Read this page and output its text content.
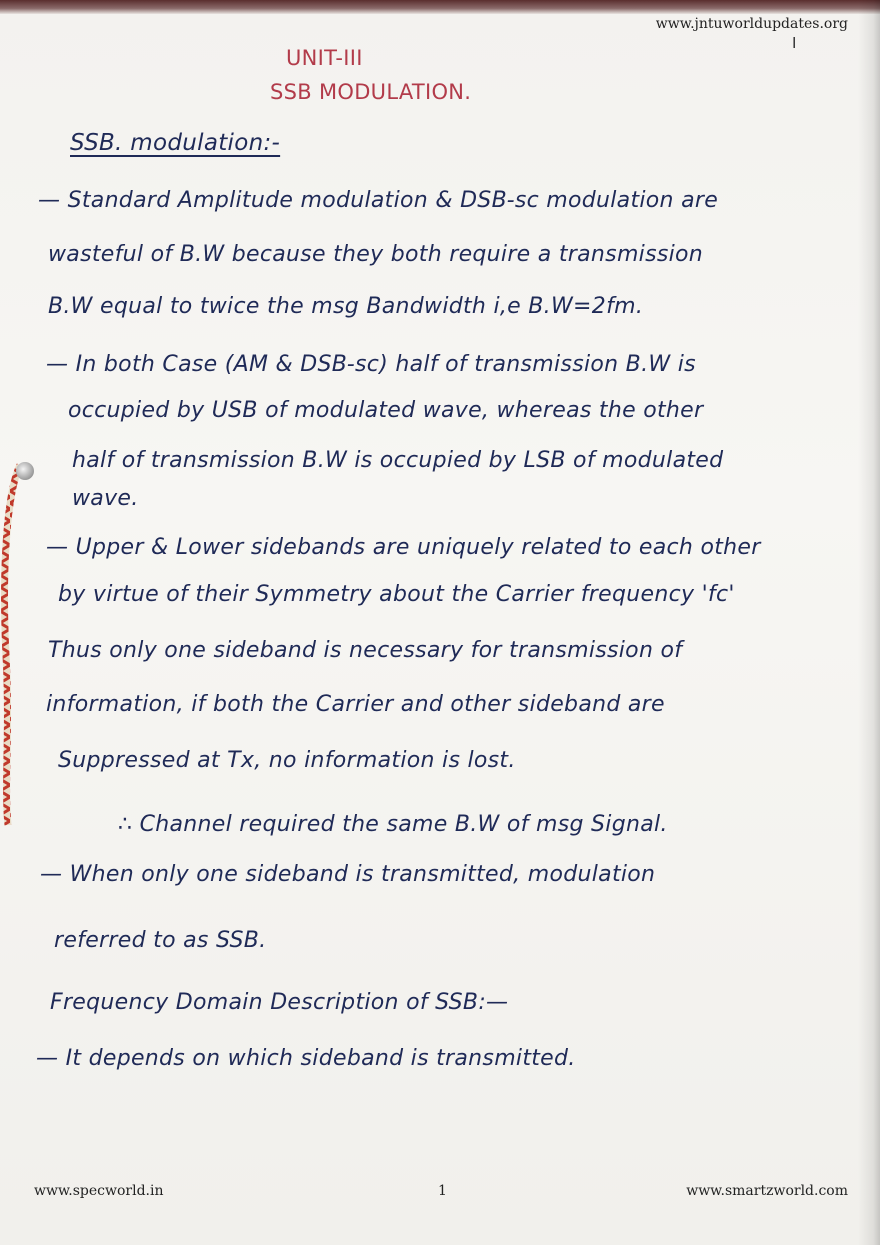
www.jntuworldupdates.org
I
UNIT-III
SSB MODULATION.
SSB. modulation:-
— Standard Amplitude modulation & DSB-sc modulation are
wasteful of B.W because they both require a transmission
B.W equal to twice the msg Bandwidth i,e B.W=2fm.
— In both Case (AM & DSB-sc) half of transmission B.W is
occupied by USB of modulated wave, whereas the other
half of transmission B.W is occupied by LSB of modulated
wave.
— Upper & Lower sidebands are uniquely related to each other
by virtue of their Symmetry about the Carrier frequency 'fc'
Thus only one sideband is necessary for transmission of
information, if both the Carrier and other sideband are
Suppressed at Tx, no information is lost.
∴ Channel required the same B.W of msg Signal.
— When only one sideband is transmitted, modulation
referred to as SSB.
Frequency Domain Description of SSB:—
— It depends on which sideband is transmitted.
www.specworld.in	1	www.smartzworld.com
